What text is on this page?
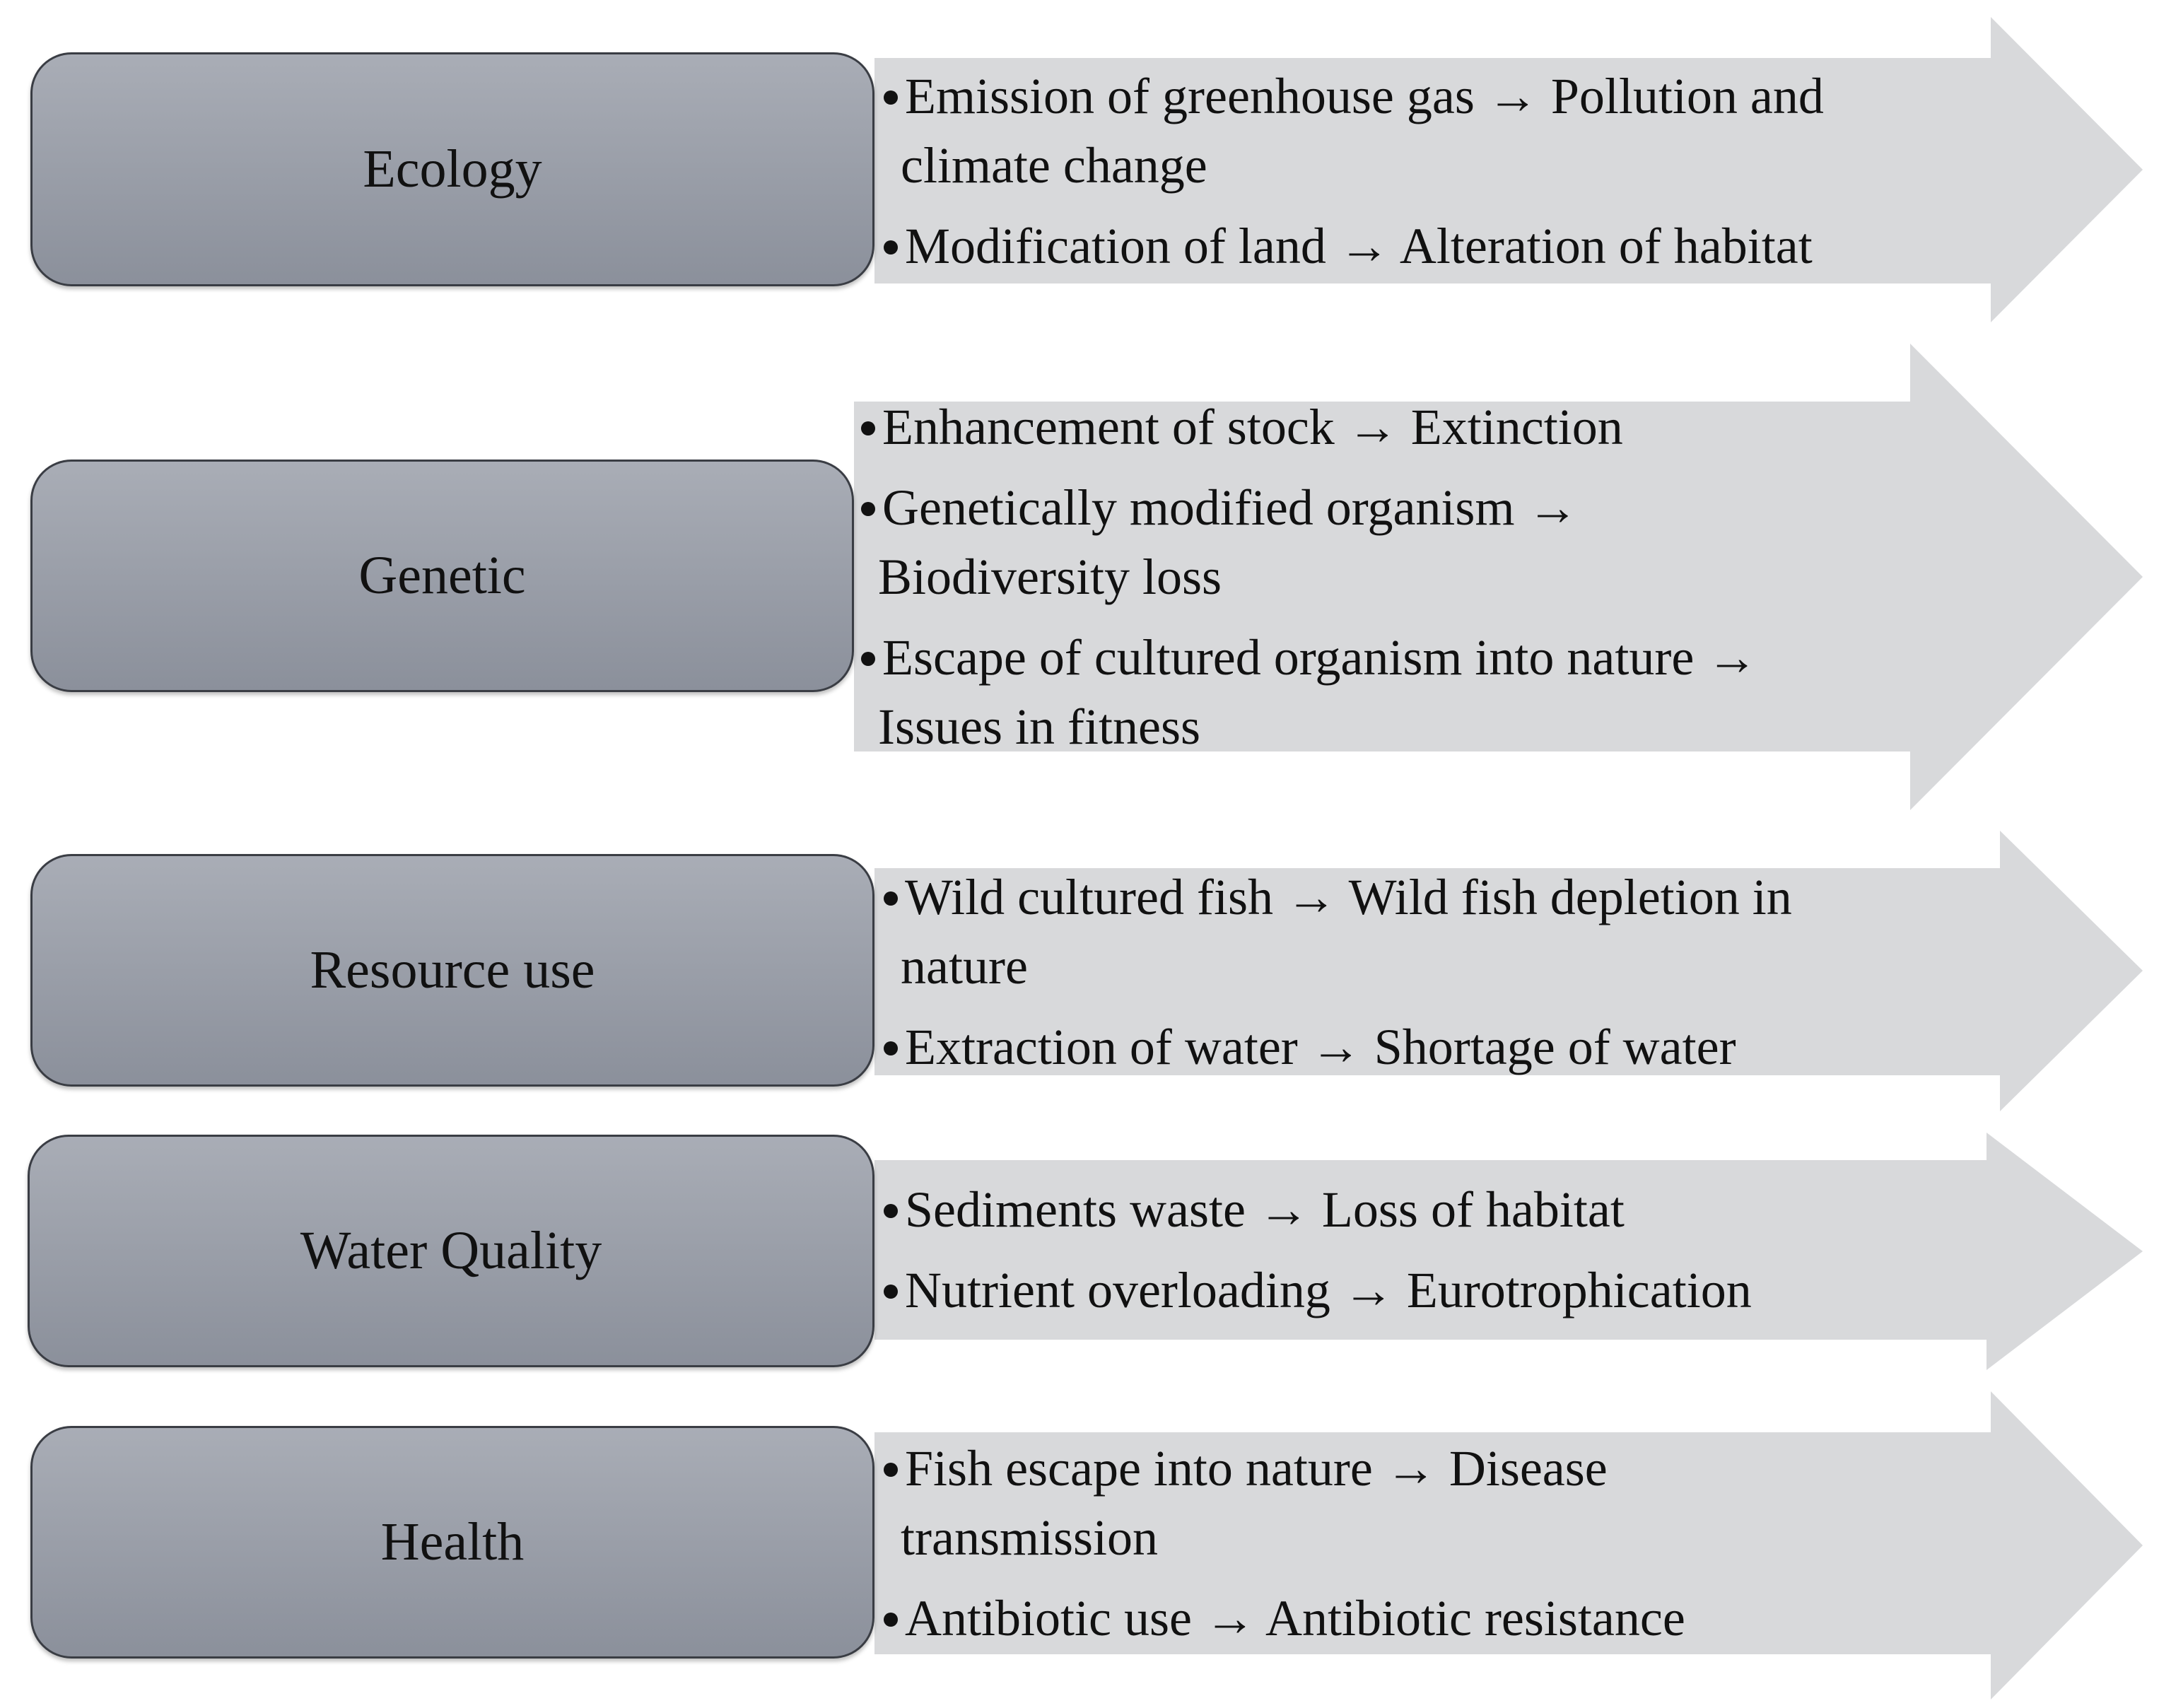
Ecology
Emission of greenhouse gas → Pollution and
climate change
Modification of land → Alteration of habitat
Genetic
Enhancement of stock → Extinction
Genetically modified organism →
Biodiversity loss
Escape of cultured organism into nature →
Issues in fitness
Resource use
Wild cultured fish → Wild fish depletion in
nature
Extraction of water → Shortage of water
Water Quality
Sediments waste → Loss of habitat
Nutrient overloading → Eurotrophication
Health
Fish escape into nature → Disease
transmission
Antibiotic use → Antibiotic resistance
